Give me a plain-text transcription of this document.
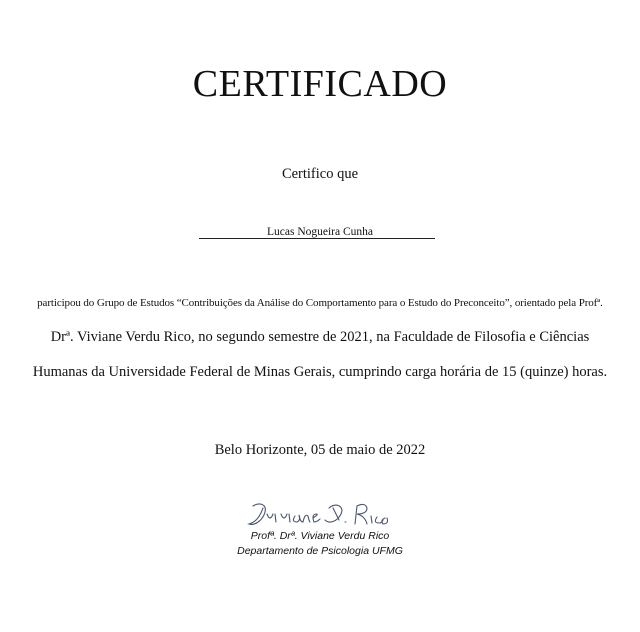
CERTIFICADO
Certifico que
Lucas Nogueira Cunha
participou do Grupo de Estudos “Contribuições da Análise do Comportamento para o Estudo do Preconceito”, orientado pela Profª.
Drª. Viviane Verdu Rico, no segundo semestre de 2021, na Faculdade de Filosofia e Ciências
Humanas da Universidade Federal de Minas Gerais, cumprindo carga horária de 15 (quinze) horas.
Belo Horizonte, 05 de maio de 2022
Profª. Drª. Viviane Verdu Rico
Departamento de Psicologia UFMG
